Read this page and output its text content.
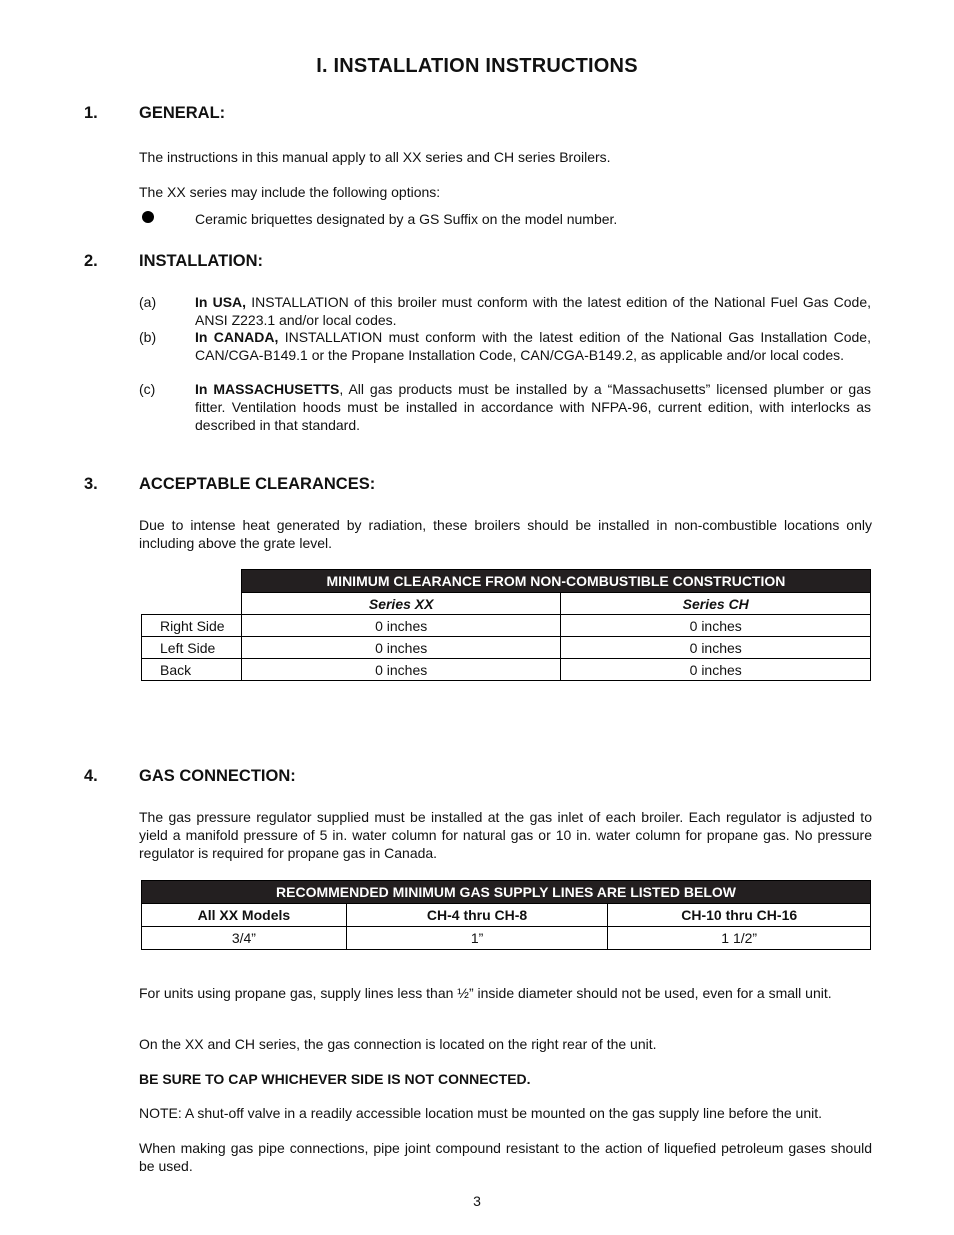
I. INSTALLATION INSTRUCTIONS
1. GENERAL:
The instructions in this manual apply to all XX series and CH series Broilers.
The XX series may include the following options:
Ceramic briquettes designated by a GS Suffix on the model number.
2. INSTALLATION:
(a)	In USA, INSTALLATION of this broiler must conform with the latest edition of the National Fuel Gas Code, ANSI Z223.1 and/or local codes.
(b)	In CANADA, INSTALLATION must conform with the latest edition of the National Gas Installation Code, CAN/CGA-B149.1 or the Propane Installation Code, CAN/CGA-B149.2, as applicable and/or local codes.
(c)	In MASSACHUSETTS, All gas products must be installed by a “Massachusetts” licensed plumber or gas fitter. Ventilation hoods must be installed in accordance with NFPA-96, current edition, with interlocks as described in that standard.
3. ACCEPTABLE CLEARANCES:
Due to intense heat generated by radiation, these broilers should be installed in non-combustible locations only including above the grate level.
	MINIMUM CLEARANCE FROM NON-COMBUSTIBLE CONSTRUCTION	
	Series XX	Series CH
Right Side	0 inches	0 inches
Left Side	0 inches	0 inches
Back	0 inches	0 inches
4. GAS CONNECTION:
The gas pressure regulator supplied must be installed at the gas inlet of each broiler. Each regulator is adjusted to yield a manifold pressure of 5 in. water column for natural gas or 10 in. water column for propane gas. No pressure regulator is required for propane gas in Canada.
RECOMMENDED MINIMUM GAS SUPPLY LINES ARE LISTED BELOW		
All XX Models	CH-4 thru CH-8	CH-10 thru CH-16
3/4”	1”	1 1/2”
For units using propane gas, supply lines less than ½” inside diameter should not be used, even for a small unit.
On the XX and CH series, the gas connection is located on the right rear of the unit.
BE SURE TO CAP WHICHEVER SIDE IS NOT CONNECTED.
NOTE: A shut-off valve in a readily accessible location must be mounted on the gas supply line before the unit.
When making gas pipe connections, pipe joint compound resistant to the action of liquefied petroleum gases should be used.
3
